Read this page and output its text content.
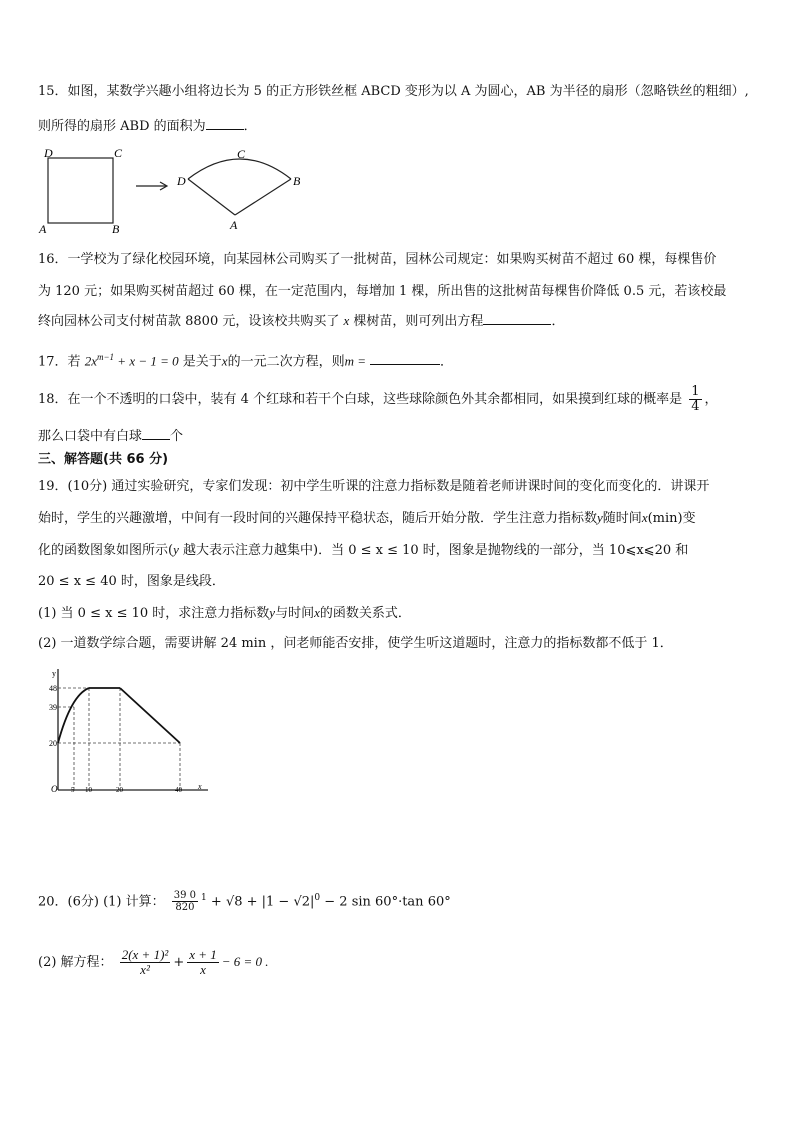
15．如图，某数学兴趣小组将边长为 5 的正方形铁丝框 ABCD 变形为以 A 为圆心，AB 为半径的扇形（忽略铁丝的粗细）,
则所得的扇形 ABD 的面积为	．
D	C
A	B
D
C
B
A
16．一学校为了绿化校园环境，向某园林公司购买了一批树苗，园林公司规定：如果购买树苗不超过 60 棵，每棵售价
为 120 元；如果购买树苗超过 60 棵，在一定范围内，每增加 1 棵，所出售的这批树苗每棵售价降低 0.5 元，若该校最
终向园林公司支付树苗款 8800 元，设该校共购买了 x 棵树苗，则可列出方程	．
17．若 $2x^{m-1} + x - 1 = 0$ 是关于x的一元二次方程，则m =	．
18．在一个不透明的口袋中，装有 4 个红球和若干个白球，这些球除颜色外其余都相同，如果摸到红球的概率是 $\frac{1}{4}$ ，
那么口袋中有白球 个
三、解答题(共 66 分)
19．(10分) 通过实验研究，专家们发现：初中学生听课的注意力指标数是随着老师讲课时间的变化而变化的．讲课开
始时，学生的兴趣激增，中间有一段时间的兴趣保持平稳状态，随后开始分散．学生注意力指标数y随时间x(min)变
化的函数图象如图所示(y 越大表示注意力越集中)．当 0 ≤ x ≤ 10 时，图象是抛物线的一部分，当 10⩽x⩽20 和
20 ≤ x ≤ 40 时，图象是线段．
(1) 当 0 ≤ x ≤ 10 时，求注意力指标数y与时间x的函数关系式．
(2) 一道数学综合题，需要讲解 24 min ，问老师能否安排，使学生听这道题时，注意力的指标数都不低于 1．
y
x
48
39
20
O 5 10	20	40
20．(6分) (1) 计算： $\frac{39 0}{820} ^1 + √8 + |1 - √2|^0 - 2$ sin 60°·tan 60°
(2) 解方程： $\frac{\text{2(x + 1)²}}{\text{x²}} + \frac{x + 1}{x} - 6 = 0$ .
